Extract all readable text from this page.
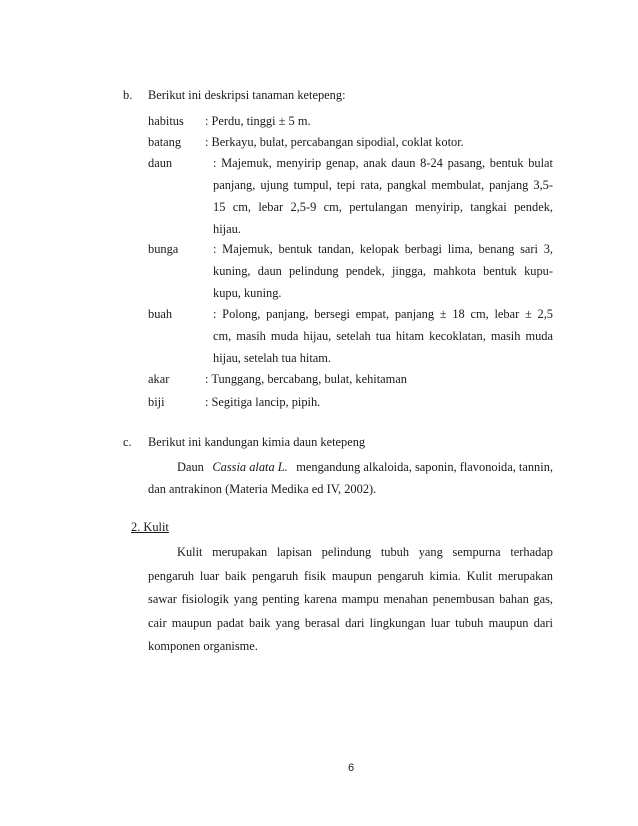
b. Berikut ini deskripsi tanaman ketepeng:
habitus : Perdu, tinggi ± 5 m.
batang : Berkayu, bulat, percabangan sipodial, coklat kotor.
daun	: Majemuk, menyirip genap, anak daun 8-24 pasang, bentuk bulat
panjang, ujung tumpul, tepi rata, pangkal membulat, panjang 3,5-
15 cm, lebar 2,5-9 cm, pertulangan menyirip, tangkai pendek,
hijau.
bunga	: Majemuk, bentuk tandan, kelopak berbagi lima, benang sari 3,
kuning, daun pelindung pendek, jingga, mahkota bentuk kupu-
kupu, kuning.
buah	: Polong, panjang, bersegi empat, panjang ± 18 cm, lebar ± 2,5
cm, masih muda hijau, setelah tua hitam kecoklatan, masih muda
hijau, setelah tua hitam.
akar	: Tunggang, bercabang, bulat, kehitaman
biji	: Segitiga lancip, pipih.
c. Berikut ini kandungan kimia daun ketepeng
Daun Cassia alata L. mengandung alkaloida, saponin, flavonoida, tannin,
dan antrakinon (Materia Medika ed IV, 2002).
2. Kulit
Kulit merupakan lapisan pelindung tubuh yang sempurna terhadap
pengaruh luar baik pengaruh fisik maupun pengaruh kimia. Kulit merupakan
sawar fisiologik yang penting karena mampu menahan penembusan bahan gas,
cair maupun padat baik yang berasal dari lingkungan luar tubuh maupun dari
komponen organisme.
6
